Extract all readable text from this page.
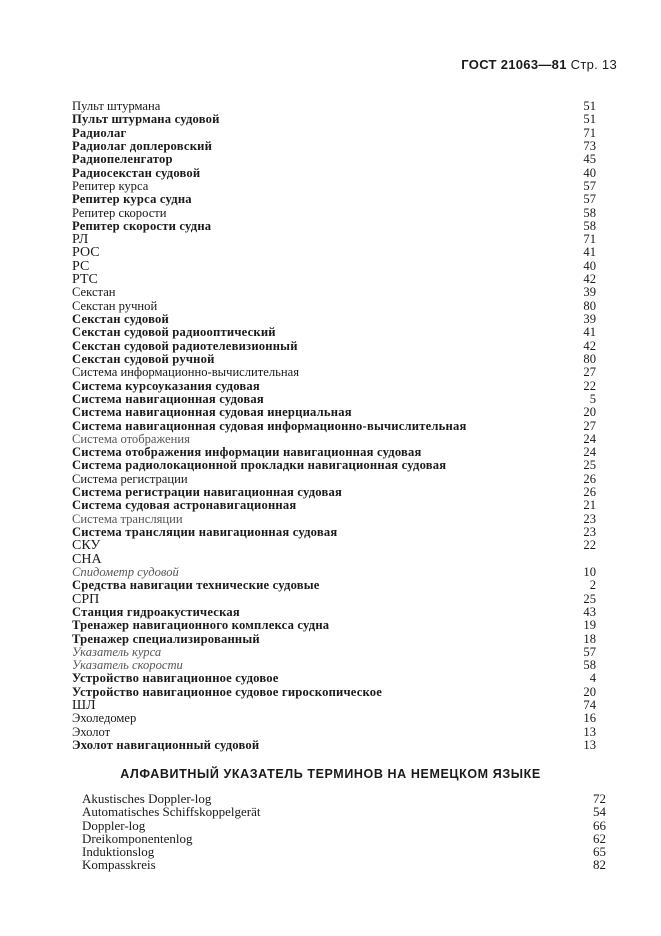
ГОСТ 21063—81 Стр. 13
Пульт штурмана	51
Пульт штурмана судовой	51
Радиолаг	71
Радиолаг доплеровский	73
Радиопеленгатор	45
Радиосекстан судовой	40
Репитер курса	57
Репитер курса судна	57
Репитер скорости	58
Репитер скорости судна	58
РЛ	71
РОС	41
РС	40
РТС	42
Секстан	39
Секстан ручной	80
Секстан судовой	39
Секстан судовой радиооптический	41
Секстан судовой радиотелевизионный	42
Секстан судовой ручной	80
Система информационно-вычислительная	27
Система курсоуказания судовая	22
Система навигационная судовая	5
Система навигационная судовая инерциальная	20
Система навигационная судовая информационно-вычислительная	27
Система отображения	24
Система отображения информации навигационная судовая	24
Система радиолокационной прокладки навигационная судовая	25
Система регистрации	26
Система регистрации навигационная судовая	26
Система судовая астронавигационная	21
Система трансляции	23
Система трансляции навигационная судовая	23
СКУ	22
СНА
Спидометр судовой	10
Средства навигации технические судовые	2
СРП	25
Станция гидроакустическая	43
Тренажер навигационного комплекса судна	19
Тренажер специализированный	18
Указатель курса	57
Указатель скорости	58
Устройство навигационное судовое	4
Устройство навигационное судовое гироскопическое	20
ШЛ	74
Эхоледомер	16
Эхолот	13
Эхолот навигационный судовой	13
АЛФАВИТНЫЙ УКАЗАТЕЛЬ ТЕРМИНОВ НА НЕМЕЦКОМ ЯЗЫКЕ
Akustisches Doppler-log	72
Automatisches Schiffskoppelgerät	54
Doppler-log	66
Dreikomponentenlog	62
Induktionslog	65
Kompasskreis	82
